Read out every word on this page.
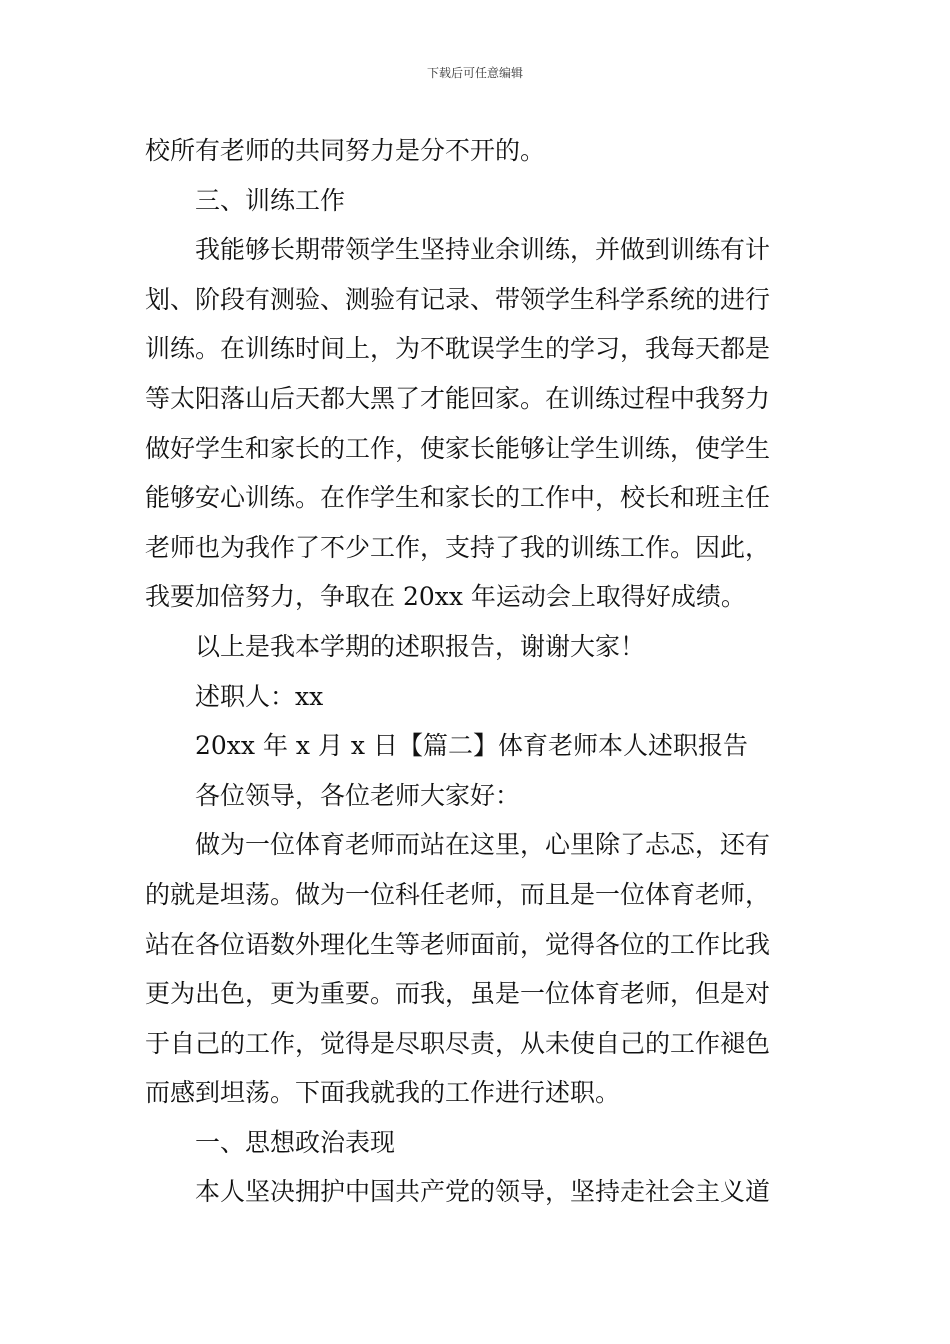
下载后可任意编辑
校所有老师的共同努力是分不开的。
三、训练工作
我能够长期带领学生坚持业余训练，并做到训练有计
划、阶段有测验、测验有记录、带领学生科学系统的进行
训练。在训练时间上，为不耽误学生的学习，我每天都是
等太阳落山后天都大黑了才能回家。在训练过程中我努力
做好学生和家长的工作，使家长能够让学生训练，使学生
能够安心训练。在作学生和家长的工作中，校长和班主任
老师也为我作了不少工作，支持了我的训练工作。因此，
我要加倍努力，争取在 20xx 年运动会上取得好成绩。
以上是我本学期的述职报告，谢谢大家！
述职人：xx
20xx 年 x 月 x 日【篇二】体育老师本人述职报告
各位领导，各位老师大家好：
做为一位体育老师而站在这里，心里除了忐忑，还有
的就是坦荡。做为一位科任老师，而且是一位体育老师，
站在各位语数外理化生等老师面前，觉得各位的工作比我
更为出色，更为重要。而我，虽是一位体育老师，但是对
于自己的工作，觉得是尽职尽责，从未使自己的工作褪色
而感到坦荡。下面我就我的工作进行述职。
一、思想政治表现
本人坚决拥护中国共产党的领导，坚持走社会主义道
